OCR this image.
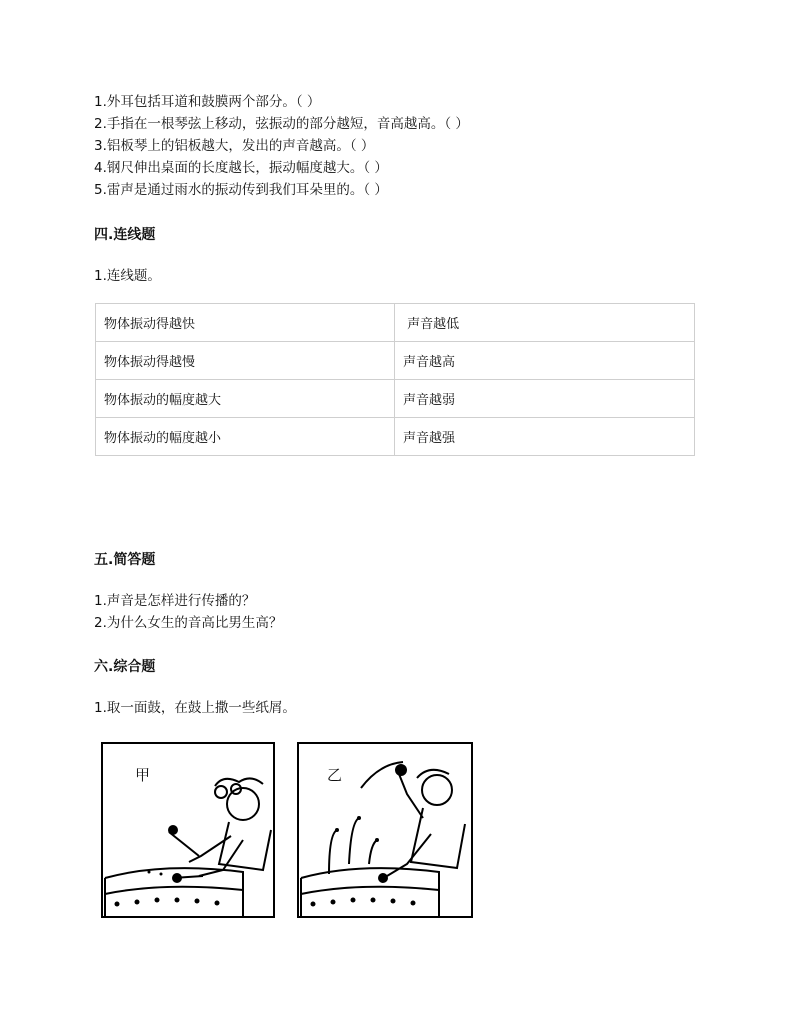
1.外耳包括耳道和鼓膜两个部分。（ ）
2.手指在一根琴弦上移动，弦振动的部分越短，音高越高。（ ）
3.铝板琴上的铝板越大，发出的声音越高。（ ）
4.钢尺伸出桌面的长度越长，振动幅度越大。（ ）
5.雷声是通过雨水的振动传到我们耳朵里的。（ ）
四.连线题
1.连线题。
物体振动得越快	声音越低
物体振动得越慢	声音越高
物体振动的幅度越大	声音越弱
物体振动的幅度越小	声音越强
五.简答题
1.声音是怎样进行传播的？
2.为什么女生的音高比男生高？
六.综合题
1.取一面鼓，在鼓上撒一些纸屑。
甲	乙
